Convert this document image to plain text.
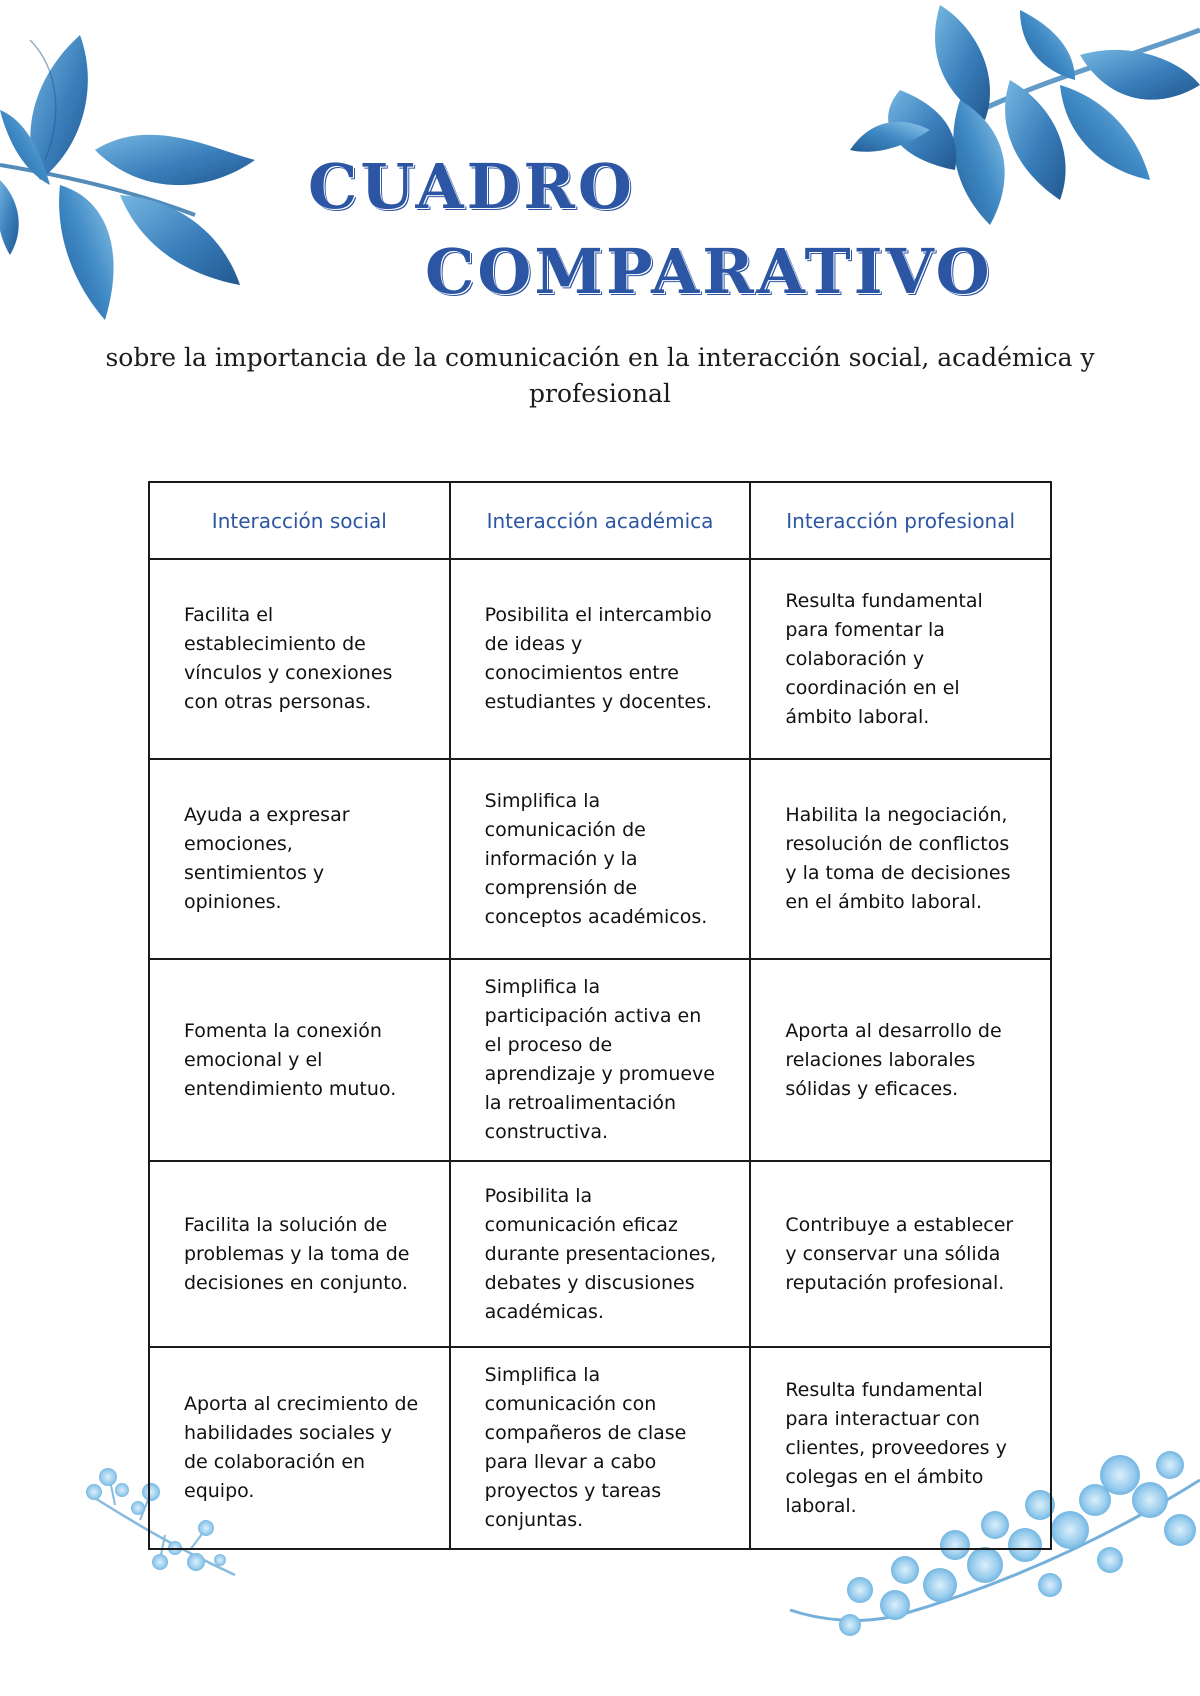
CUADRO
COMPARATIVO
sobre la importancia de la comunicación en la interacción social, académica y profesional
Interacción social	Interacción académica	Interacción profesional

Facilita el establecimiento de vínculos y conexiones con otras personas.	Posibilita el intercambio de ideas y conocimientos entre estudiantes y docentes.	Resulta fundamental para fomentar la colaboración y coordinación en el ámbito laboral.

Ayuda a expresar emociones, sentimientos y opiniones.	Simplifica la comunicación de información y la comprensión de conceptos académicos.	Habilita la negociación, resolución de conflictos y la toma de decisiones en el ámbito laboral.

Fomenta la conexión emocional y el entendimiento mutuo.	Simplifica la participación activa en el proceso de aprendizaje y promueve la retroalimentación constructiva.	Aporta al desarrollo de relaciones laborales sólidas y eficaces.

Facilita la solución de problemas y la toma de decisiones en conjunto.	Posibilita la comunicación eficaz durante presentaciones, debates y discusiones académicas.	Contribuye a establecer y conservar una sólida reputación profesional.

Aporta al crecimiento de habilidades sociales y de colaboración en equipo.	Simplifica la comunicación con compañeros de clase para llevar a cabo proyectos y tareas conjuntas.	Resulta fundamental para interactuar con clientes, proveedores y colegas en el ámbito laboral.
